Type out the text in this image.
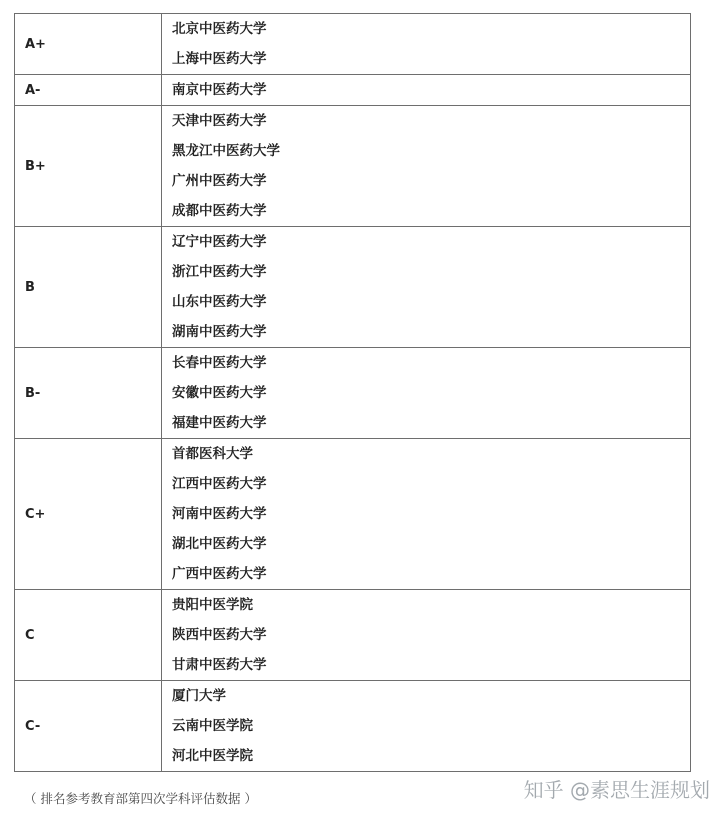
A+	北京中医药大学
上海中医药大学

A-	南京中医药大学

B+	天津中医药大学
黑龙江中医药大学
广州中医药大学
成都中医药大学

B	辽宁中医药大学
浙江中医药大学
山东中医药大学
湖南中医药大学

B-	长春中医药大学
安徽中医药大学
福建中医药大学

C+	首都医科大学
江西中医药大学
河南中医药大学
湖北中医药大学
广西中医药大学

C	贵阳中医学院
陕西中医药大学
甘肃中医药大学

C-	厦门大学
云南中医学院
河北中医学院
（ 排名参考教育部第四次学科评估数据 ）	知乎 @素思生涯规划
